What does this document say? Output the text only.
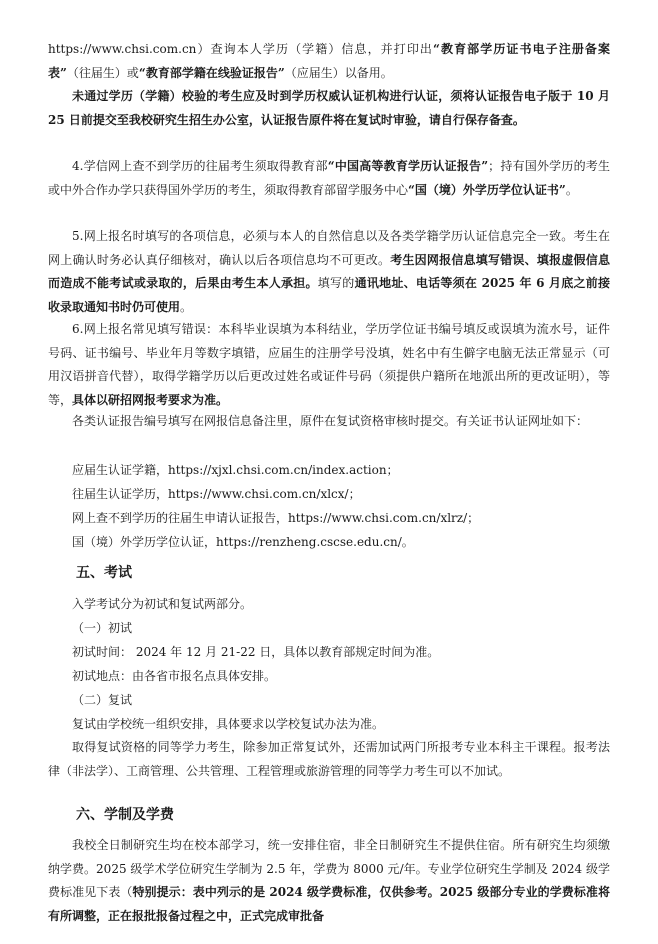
https://www.chsi.com.cn）查询本人学历（学籍）信息，并打印出“教育部学历证书电子注册备案表”（往届生）或“教育部学籍在线验证报告”（应届生）以备用。
未通过学历（学籍）校验的考生应及时到学历权威认证机构进行认证，须将认证报告电子版于 10 月 25 日前提交至我校研究生招生办公室，认证报告原件将在复试时审验，请自行保存备查。
4.学信网上查不到学历的往届考生须取得教育部“中国高等教育学历认证报告”；持有国外学历的考生或中外合作办学只获得国外学历的考生，须取得教育部留学服务中心“国（境）外学历学位认证书”。
5.网上报名时填写的各项信息，必须与本人的自然信息以及各类学籍学历认证信息完全一致。考生在网上确认时务必认真仔细核对，确认以后各项信息均不可更改。考生因网报信息填写错误、填报虚假信息而造成不能考试或录取的，后果由考生本人承担。填写的通讯地址、电话等须在 2025 年 6 月底之前接收录取通知书时仍可使用。
6.网上报名常见填写错误：本科毕业误填为本科结业，学历学位证书编号填反或误填为流水号，证件号码、证书编号、毕业年月等数字填错，应届生的注册学号没填，姓名中有生僻字电脑无法正常显示（可用汉语拼音代替），取得学籍学历以后更改过姓名或证件号码（须提供户籍所在地派出所的更改证明），等等，具体以研招网报考要求为准。
各类认证报告编号填写在网报信息备注里，原件在复试资格审核时提交。有关证书认证网址如下：
应届生认证学籍，https://xjxl.chsi.com.cn/index.action；
往届生认证学历，https://www.chsi.com.cn/xlcx/；
网上查不到学历的往届生申请认证报告，https://www.chsi.com.cn/xlrz/；
国（境）外学历学位认证，https://renzheng.cscse.edu.cn/。
五、考试
入学考试分为初试和复试两部分。
（一）初试
初试时间： 2024 年 12 月 21-22 日，具体以教育部规定时间为准。
初试地点：由各省市报名点具体安排。
（二）复试
复试由学校统一组织安排，具体要求以学校复试办法为准。
取得复试资格的同等学力考生，除参加正常复试外，还需加试两门所报考专业本科主干课程。报考法律（非法学）、工商管理、公共管理、工程管理或旅游管理的同等学力考生可以不加试。
六、学制及学费
我校全日制研究生均在校本部学习，统一安排住宿，非全日制研究生不提供住宿。所有研究生均须缴纳学费。2025 级学术学位研究生学制为 2.5 年，学费为 8000 元/年。专业学位研究生学制及 2024 级学费标准见下表（特别提示：表中列示的是 2024 级学费标准，仅供参考。2025 级部分专业的学费标准将有所调整，正在报批报备过程之中，正式完成审批备
